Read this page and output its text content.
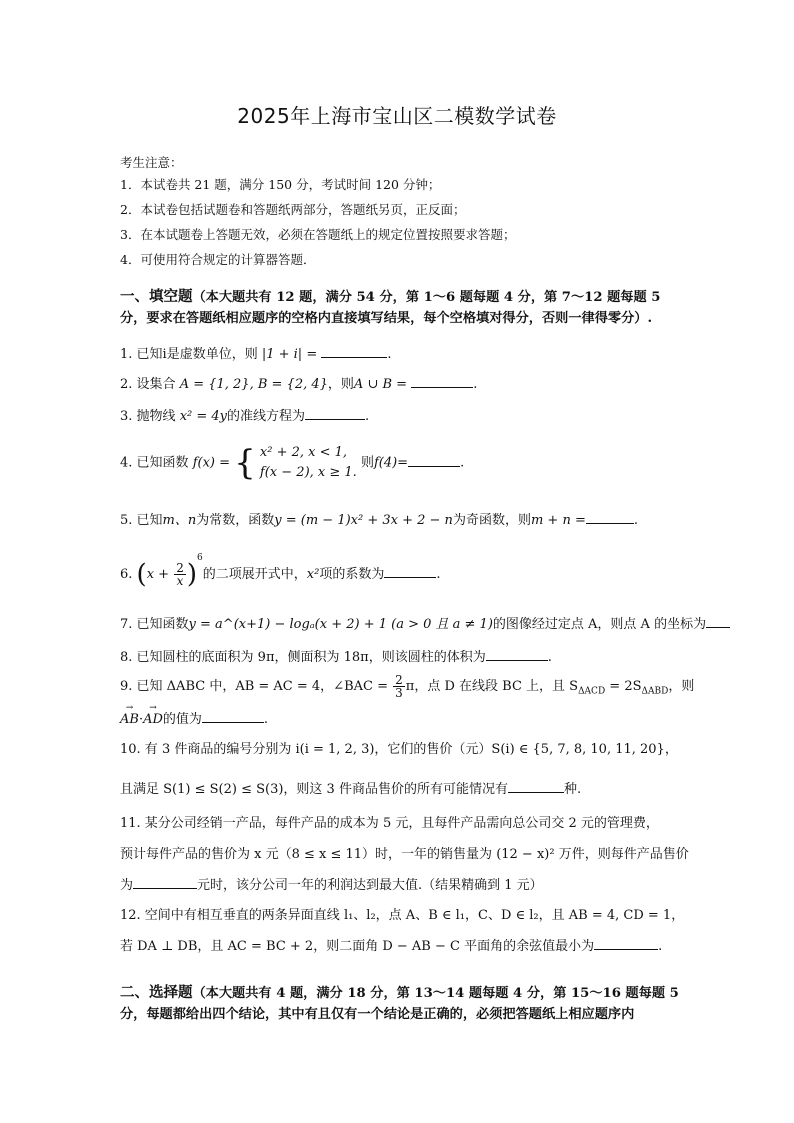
2025年上海市宝山区二模数学试卷
考生注意：
1．本试卷共 21 题，满分 150 分，考试时间 120 分钟；
2．本试卷包括试题卷和答题纸两部分，答题纸另页，正反面；
3．在本试题卷上答题无效，必须在答题纸上的规定位置按照要求答题；
4．可使用符合规定的计算器答题．
一、填空题（本大题共有 12 题，满分 54 分，第 1～6 题每题 4 分，第 7～12 题每题 5 分，要求在答题纸相应题序的空格内直接填写结果，每个空格填对得分，否则一律得零分）.
1. 已知i是虚数单位，则 |1 + i| =	.
2. 设集合 A = {1, 2}, B = {2, 4}，则A ∪ B =	.
3. 抛物线 x² = 4y的准线方程为	.
4. 已知函数 f(x) = { x² + 2, x < 1,
f(x − 2), x ≥ 1.
则f(4)=	.
5. 已知m、n为常数，函数y = (m − 1)x² + 3x + 2 − n为奇函数，则m + n =	.
6. $(x + \frac{2}{x} )^6$的二项展开式中，x²项的系数为	.
7. 已知函数y = a^(x+1) − logₐ(x + 2) + 1 (a > 0 且 a ≠ 1)的图像经过定点 A，则点 A 的坐标为
8. 已知圆柱的底面积为 9π，侧面积为 18π，则该圆柱的体积为	.
9. 已知 ΔABC 中，AB = AC = 4，∠BAC = $\frac{2}{3}$ π，点 D 在线段 BC 上，且 $S_{\Delta ACD} = 2S_{\Delta ABD}$，则
→ AB·→ AD的值为	.
10. 有 3 件商品的编号分别为 i(i = 1, 2, 3)，它们的售价（元）S(i) ∈ {5, 7, 8, 10, 11, 20}，
且满足 S(1) ≤ S(2) ≤ S(3)，则这 3 件商品售价的所有可能情况有	种.
11. 某分公司经销一产品，每件产品的成本为 5 元，且每件产品需向总公司交 2 元的管理费，
预计每件产品的售价为 x 元（8 ≤ x ≤ 11）时，一年的销售量为 (12 − x)² 万件，则每件产品售价
为	元时，该分公司一年的利润达到最大值.（结果精确到 1 元）
12. 空间中有相互垂直的两条异面直线 l₁、l₂，点 A、B ∈ l₁，C、D ∈ l₂，且 AB = 4, CD = 1，
若 DA ⊥ DB，且 AC = BC + 2，则二面角 D − AB − C 平面角的余弦值最小为	.
二、选择题（本大题共有 4 题，满分 18 分，第 13～14 题每题 4 分，第 15～16 题每题 5 分，每题都给出四个结论，其中有且仅有一个结论是正确的，必须把答题纸上相应题序内
